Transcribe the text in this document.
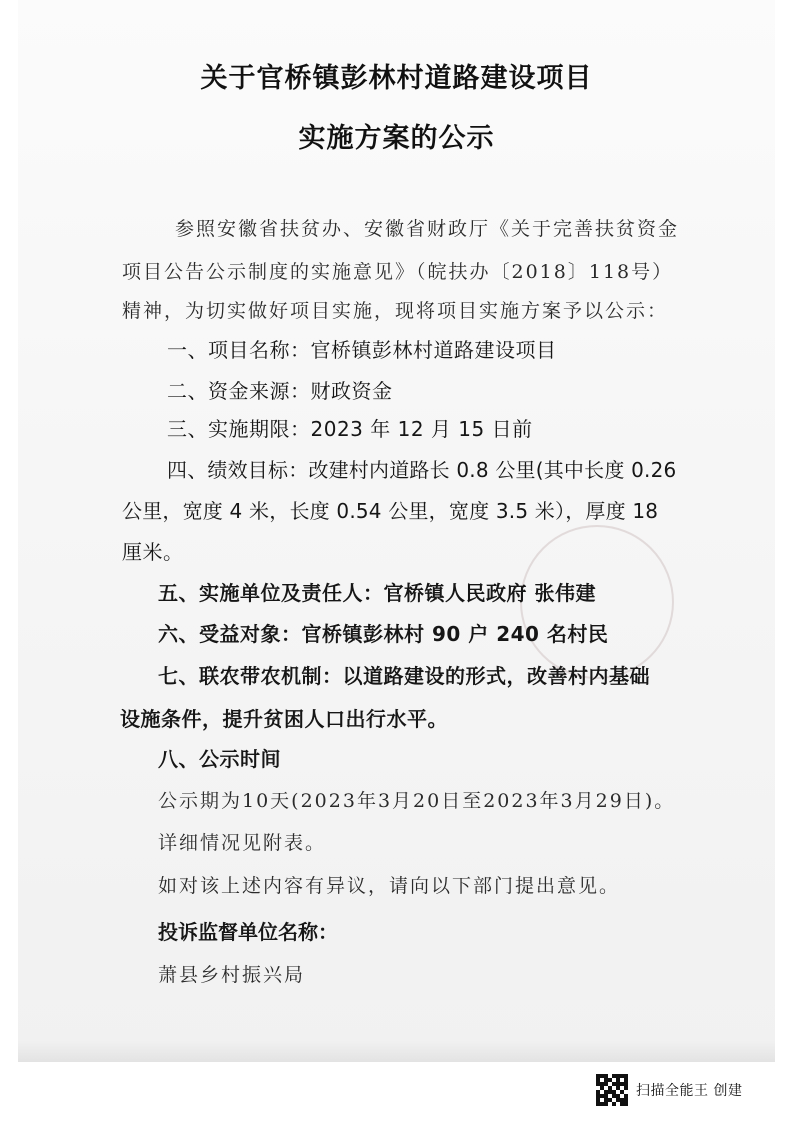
关于官桥镇彭林村道路建设项目
实施方案的公示
参照安徽省扶贫办、安徽省财政厅《关于完善扶贫资金
项目公告公示制度的实施意见》（皖扶办〔2018〕118号）
精神，为切实做好项目实施，现将项目实施方案予以公示：
一、项目名称：官桥镇彭林村道路建设项目
二、资金来源：财政资金
三、实施期限：2023 年 12 月 15 日前
四、绩效目标：改建村内道路长 0.8 公里(其中长度 0.26
公里，宽度 4 米，长度 0.54 公里，宽度 3.5 米），厚度 18
厘米。
五、实施单位及责任人：官桥镇人民政府 张伟建
六、受益对象：官桥镇彭林村 90 户 240 名村民
七、联农带农机制：以道路建设的形式，改善村内基础
设施条件，提升贫困人口出行水平。
八、公示时间
公示期为10天(2023年3月20日至2023年3月29日)。
详细情况见附表。
如对该上述内容有异议，请向以下部门提出意见。
投诉监督单位名称：
萧县乡村振兴局
扫描全能王 创建
